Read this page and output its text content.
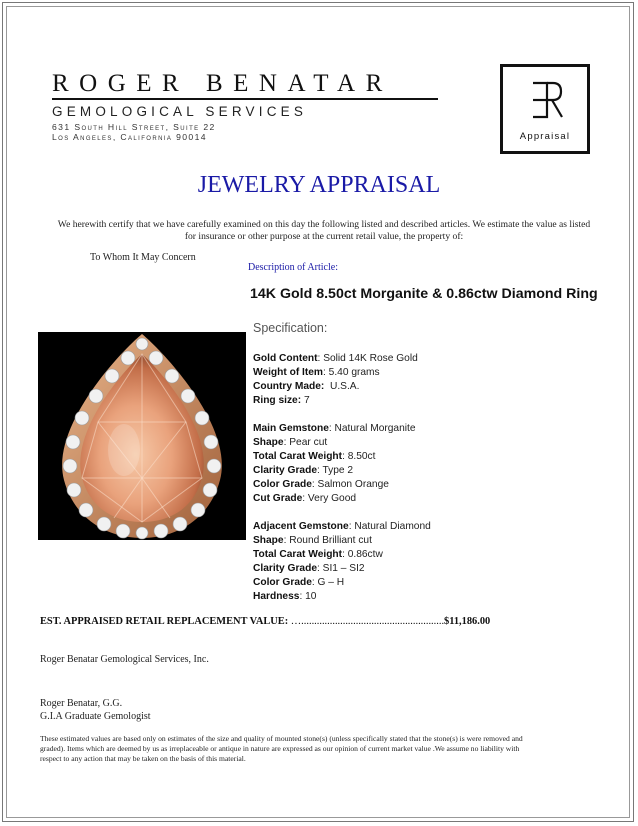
ROGER BENATAR
GEMOLOGICAL SERVICES
631 South Hill Street, Suite 22
Los Angeles, California 90014	Appraisal
JEWELRY APPRAISAL
We herewith certify that we have carefully examined on this day the following listed and described articles. We estimate the value as listed for insurance or other purpose at the current retail value, the property of:
To Whom It May Concern
Description of Article:
14K Gold 8.50ct Morganite & 0.86ctw Diamond Ring
Specification:
Gold Content: Solid 14K Rose Gold
Weight of Item: 5.40 grams
Country Made: U.S.A.
Ring size: 7
Main Gemstone: Natural Morganite
Shape: Pear cut
Total Carat Weight: 8.50ct
Clarity Grade: Type 2
Color Grade: Salmon Orange
Cut Grade: Very Good
Adjacent Gemstone: Natural Diamond
Shape: Round Brilliant cut
Total Carat Weight: 0.86ctw
Clarity Grade: SI1 – SI2
Color Grade: G – H
Hardness: 10
EST. APPRAISED RETAIL REPLACEMENT VALUE: ….......................................................$11,186.00
Roger Benatar Gemological Services, Inc.
Roger Benatar, G.G.
G.I.A Graduate Gemologist
These estimated values are based only on estimates of the size and quality of mounted stone(s) (unless specifically stated that the stone(s) is were removed and graded). Items which are deemed by us as irreplaceable or antique in nature are expressed as our opinion of current market value .We assume no liability with respect to any action that may be taken on the basis of this material.
